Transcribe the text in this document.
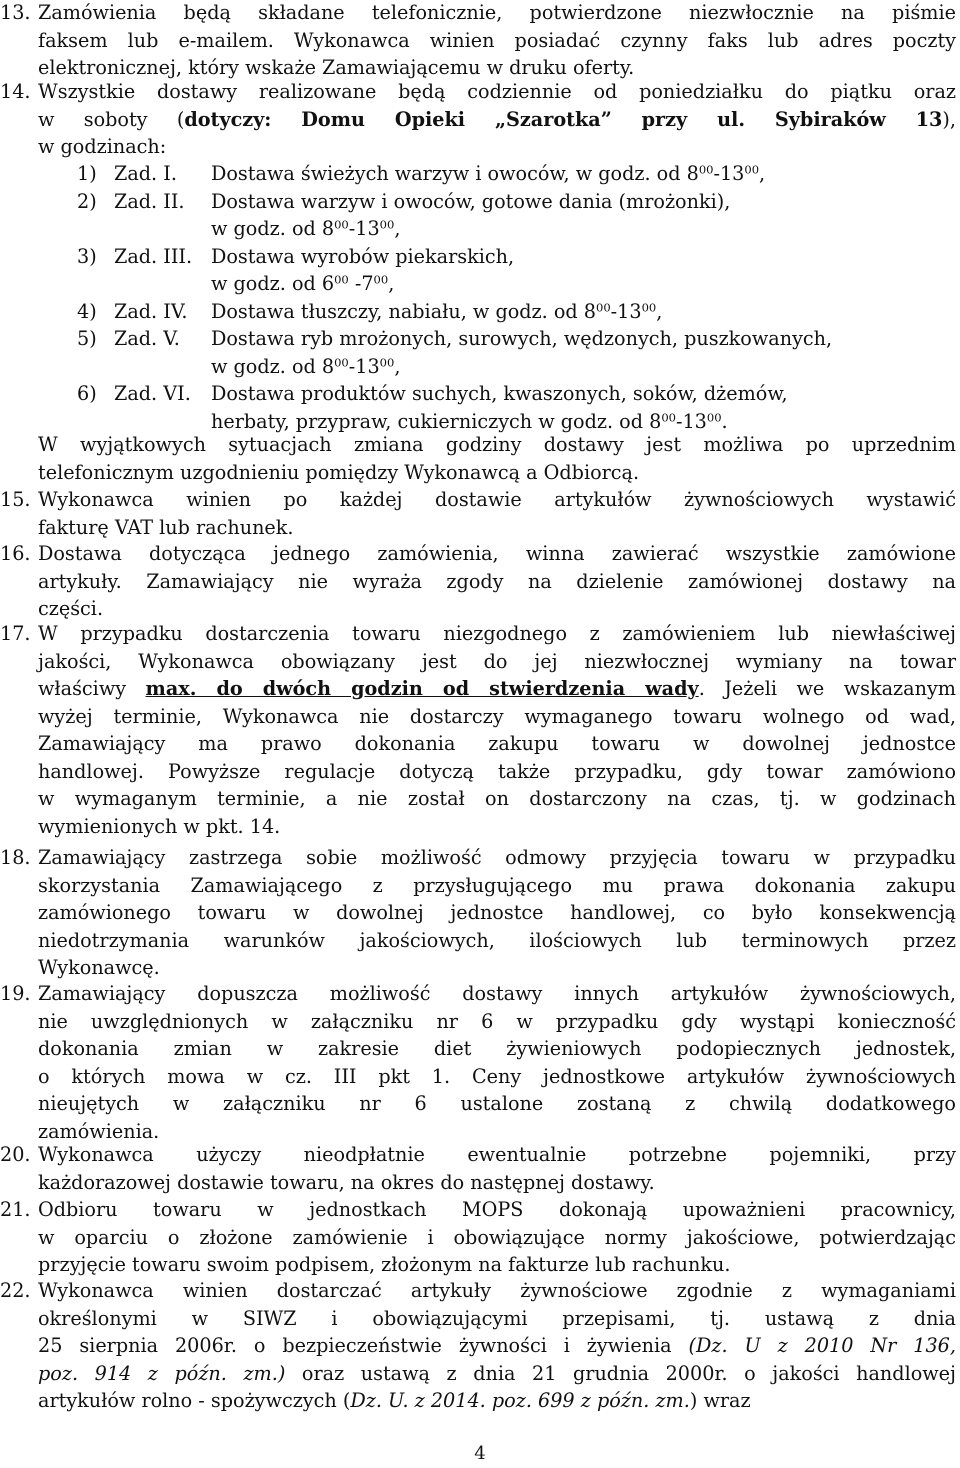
13. Zamówienia będą składane telefonicznie, potwierdzone niezwłocznie na piśmie
faksem lub e-mailem. Wykonawca winien posiadać czynny faks lub adres poczty
elektronicznej, który wskaże Zamawiającemu w druku oferty.
14. Wszystkie dostawy realizowane będą codziennie od poniedziałku do piątku oraz
w soboty (dotyczy: Domu Opieki „Szarotka” przy ul. Sybiraków 13),
w godzinach:
1) Zad. I. Dostawa świeżych warzyw i owoców, w godz. od $8^{00}-13^{00}$,
2) Zad. II. Dostawa warzyw i owoców, gotowe dania (mrożonki),
w godz. od $8^{00}-13^{00}$,
3) Zad. III. Dostawa wyrobów piekarskich,
w godz. od $6^{00}$ $-7^{00}$,
4) Zad. IV. Dostawa tłuszczy, nabiału, w godz. od $8^{00}-13^{00}$,
5) Zad. V. Dostawa ryb mrożonych, surowych, wędzonych, puszkowanych,
w godz. od $8^{00}-13^{00}$,
6) Zad. VI. Dostawa produktów suchych, kwaszonych, soków, dżemów,
herbaty, przypraw, cukierniczych w godz. od $8^{00}-13^{00}$.
W wyjątkowych sytuacjach zmiana godziny dostawy jest możliwa po uprzednim
telefonicznym uzgodnieniu pomiędzy Wykonawcą a Odbiorcą.
15. Wykonawca winien po każdej dostawie artykułów żywnościowych wystawić
fakturę VAT lub rachunek.
16. Dostawa dotycząca jednego zamówienia, winna zawierać wszystkie zamówione
artykuły. Zamawiający nie wyraża zgody na dzielenie zamówionej dostawy na
części.
17. W przypadku dostarczenia towaru niezgodnego z zamówieniem lub niewłaściwej
jakości, Wykonawca obowiązany jest do jej niezwłocznej wymiany na towar
właściwy max. do dwóch godzin od stwierdzenia wady. Jeżeli we wskazanym
wyżej terminie, Wykonawca nie dostarczy wymaganego towaru wolnego od wad,
Zamawiający ma prawo dokonania zakupu towaru w dowolnej jednostce
handlowej. Powyższe regulacje dotyczą także przypadku, gdy towar zamówiono
w wymaganym terminie, a nie został on dostarczony na czas, tj. w godzinach
wymienionych w pkt. 14.
18. Zamawiający zastrzega sobie możliwość odmowy przyjęcia towaru w przypadku
skorzystania Zamawiającego z przysługującego mu prawa dokonania zakupu
zamówionego towaru w dowolnej jednostce handlowej, co było konsekwencją
niedotrzymania warunków jakościowych, ilościowych lub terminowych przez
Wykonawcę.
19. Zamawiający dopuszcza możliwość dostawy innych artykułów żywnościowych,
nie uwzględnionych w załączniku nr 6 w przypadku gdy wystąpi konieczność
dokonania zmian w zakresie diet żywieniowych podopiecznych jednostek,
o których mowa w cz. III pkt 1. Ceny jednostkowe artykułów żywnościowych
nieujętych w załączniku nr 6 ustalone zostaną z chwilą dodatkowego
zamówienia.
20. Wykonawca użyczy nieodpłatnie ewentualnie potrzebne pojemniki, przy
każdorazowej dostawie towaru, na okres do następnej dostawy.
21. Odbioru towaru w jednostkach MOPS dokonają upoważnieni pracownicy,
w oparciu o złożone zamówienie i obowiązujące normy jakościowe, potwierdzając
przyjęcie towaru swoim podpisem, złożonym na fakturze lub rachunku.
22. Wykonawca winien dostarczać artykuły żywnościowe zgodnie z wymaganiami
określonymi w SIWZ i obowiązującymi przepisami, tj. ustawą z dnia
25 sierpnia 2006r. o bezpieczeństwie żywności i żywienia (Dz. U z 2010 Nr 136,
poz. 914 z późn. zm.) oraz ustawą z dnia 21 grudnia 2000r. o jakości handlowej
artykułów rolno - spożywczych (Dz. U. z 2014. poz. 699 z późn. zm.) wraz
4
